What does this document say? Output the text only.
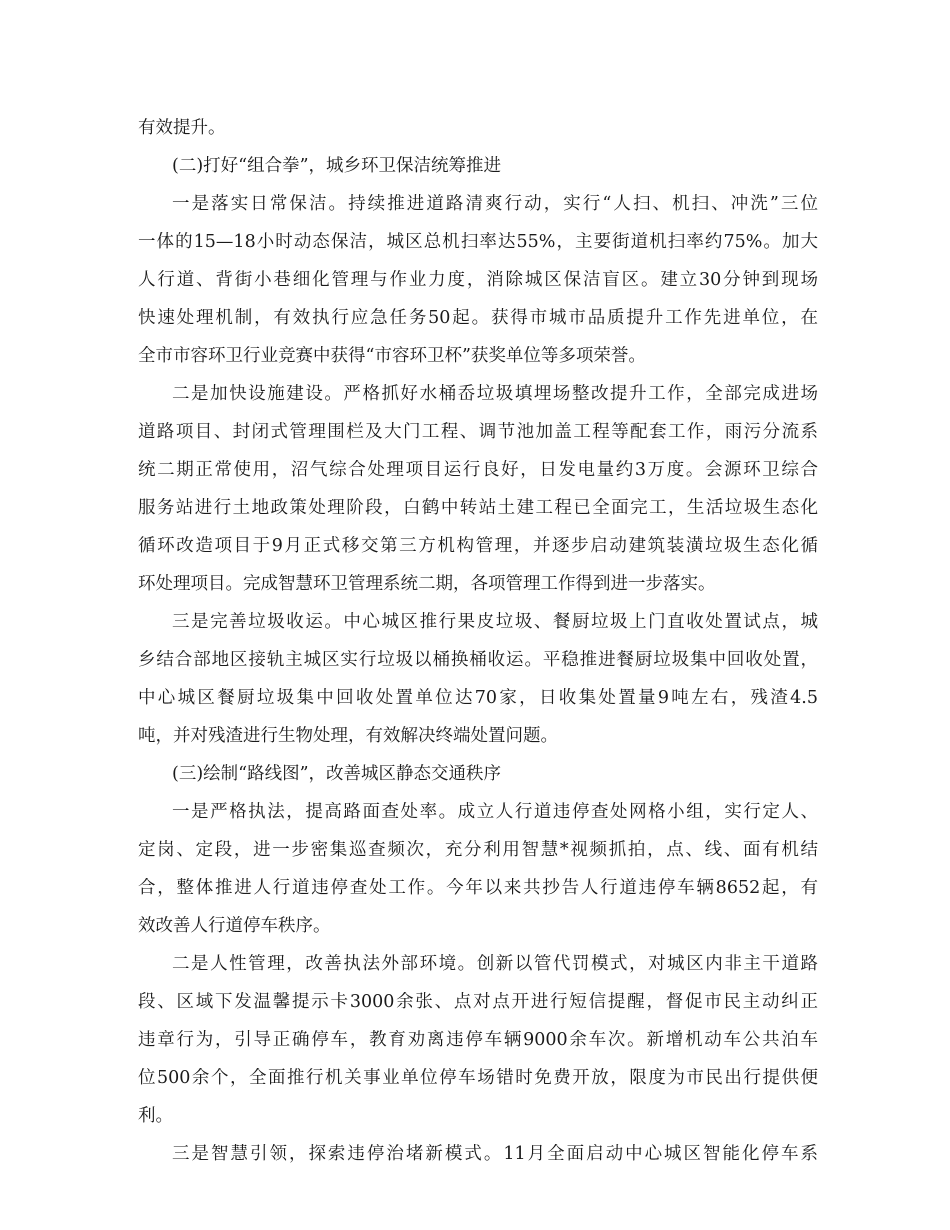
有效提升。
(二)打好“组合拳”，城乡环卫保洁统筹推进
一是落实日常保洁。持续推进道路清爽行动，实行“人扫、机扫、冲洗”三位
一体的15—18小时动态保洁，城区总机扫率达55%，主要街道机扫率约75%。加大
人行道、背街小巷细化管理与作业力度，消除城区保洁盲区。建立30分钟到现场
快速处理机制，有效执行应急任务50起。获得市城市品质提升工作先进单位，在
全市市容环卫行业竞赛中获得“市容环卫杯”获奖单位等多项荣誉。
二是加快设施建设。严格抓好水桶岙垃圾填埋场整改提升工作，全部完成进场
道路项目、封闭式管理围栏及大门工程、调节池加盖工程等配套工作，雨污分流系
统二期正常使用，沼气综合处理项目运行良好，日发电量约3万度。会源环卫综合
服务站进行土地政策处理阶段，白鹤中转站土建工程已全面完工，生活垃圾生态化
循环改造项目于9月正式移交第三方机构管理，并逐步启动建筑装潢垃圾生态化循
环处理项目。完成智慧环卫管理系统二期，各项管理工作得到进一步落实。
三是完善垃圾收运。中心城区推行果皮垃圾、餐厨垃圾上门直收处置试点，城
乡结合部地区接轨主城区实行垃圾以桶换桶收运。平稳推进餐厨垃圾集中回收处置，
中心城区餐厨垃圾集中回收处置单位达70家，日收集处置量9吨左右，残渣4.5
吨，并对残渣进行生物处理，有效解决终端处置问题。
(三)绘制“路线图”，改善城区静态交通秩序
一是严格执法，提高路面查处率。成立人行道违停查处网格小组，实行定人、
定岗、定段，进一步密集巡查频次，充分利用智慧*视频抓拍，点、线、面有机结
合，整体推进人行道违停查处工作。今年以来共抄告人行道违停车辆8652起，有
效改善人行道停车秩序。
二是人性管理，改善执法外部环境。创新以管代罚模式，对城区内非主干道路
段、区域下发温馨提示卡3000余张、点对点开进行短信提醒，督促市民主动纠正
违章行为，引导正确停车，教育劝离违停车辆9000余车次。新增机动车公共泊车
位500余个，全面推行机关事业单位停车场错时免费开放，限度为市民出行提供便
利。
三是智慧引领，探索违停治堵新模式。11月全面启动中心城区智能化停车系
